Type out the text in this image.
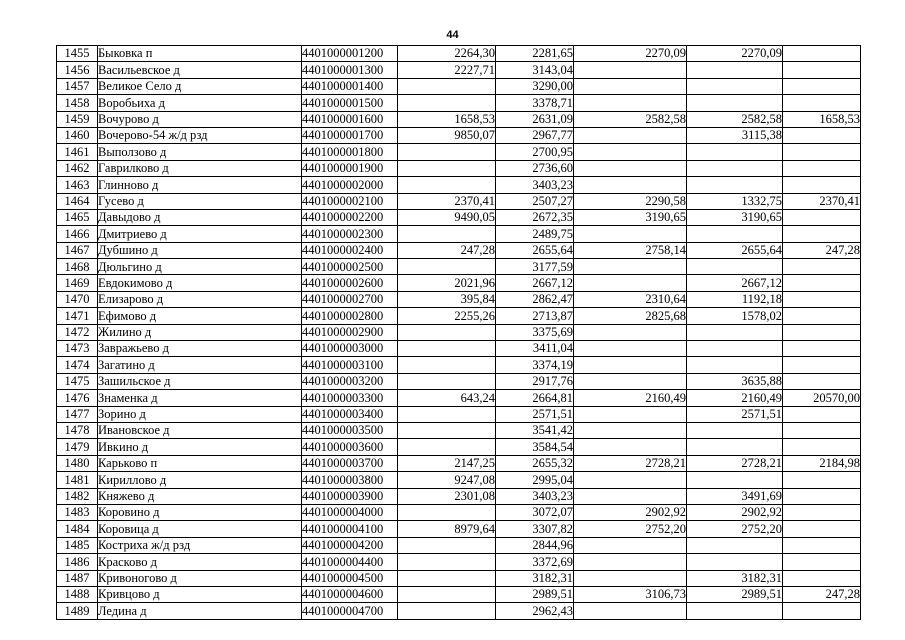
44
1455	Быковка п	4401000001200	2264,30	2281,65	2270,09	2270,09	
1456	Васильевское д	4401000001300	2227,71	3143,04			
1457	Великое Село д	4401000001400		3290,00			
1458	Воробьиха д	4401000001500		3378,71			
1459	Вочурово д	4401000001600	1658,53	2631,09	2582,58	2582,58	1658,53
1460	Вочерово-54 ж/д рзд	4401000001700	9850,07	2967,77		3115,38	
1461	Выползово д	4401000001800		2700,95			
1462	Гаврилково д	4401000001900		2736,60			
1463	Глинново д	4401000002000		3403,23			
1464	Гусево д	4401000002100	2370,41	2507,27	2290,58	1332,75	2370,41
1465	Давыдово д	4401000002200	9490,05	2672,35	3190,65	3190,65	
1466	Дмитриево д	4401000002300		2489,75			
1467	Дубшино д	4401000002400	247,28	2655,64	2758,14	2655,64	247,28
1468	Дюльгино д	4401000002500		3177,59			
1469	Евдокимово д	4401000002600	2021,96	2667,12		2667,12	
1470	Елизарово д	4401000002700	395,84	2862,47	2310,64	1192,18	
1471	Ефимово д	4401000002800	2255,26	2713,87	2825,68	1578,02	
1472	Жилино д	4401000002900		3375,69			
1473	Завражьево д	4401000003000		3411,04			
1474	Загатино д	4401000003100		3374,19			
1475	Зашильское д	4401000003200		2917,76		3635,88	
1476	Знаменка д	4401000003300	643,24	2664,81	2160,49	2160,49	20570,00
1477	Зорино д	4401000003400		2571,51		2571,51	
1478	Ивановское д	4401000003500		3541,42			
1479	Ивкино д	4401000003600		3584,54			
1480	Карьково п	4401000003700	2147,25	2655,32	2728,21	2728,21	2184,98
1481	Кириллово д	4401000003800	9247,08	2995,04			
1482	Княжево д	4401000003900	2301,08	3403,23		3491,69	
1483	Коровино д	4401000004000		3072,07	2902,92	2902,92	
1484	Коровица д	4401000004100	8979,64	3307,82	2752,20	2752,20	
1485	Костриха ж/д рзд	4401000004200		2844,96			
1486	Красково д	4401000004400		3372,69			
1487	Кривоногово д	4401000004500		3182,31		3182,31	
1488	Кривцово д	4401000004600		2989,51	3106,73	2989,51	247,28
1489	Ледина д	4401000004700		2962,43			
